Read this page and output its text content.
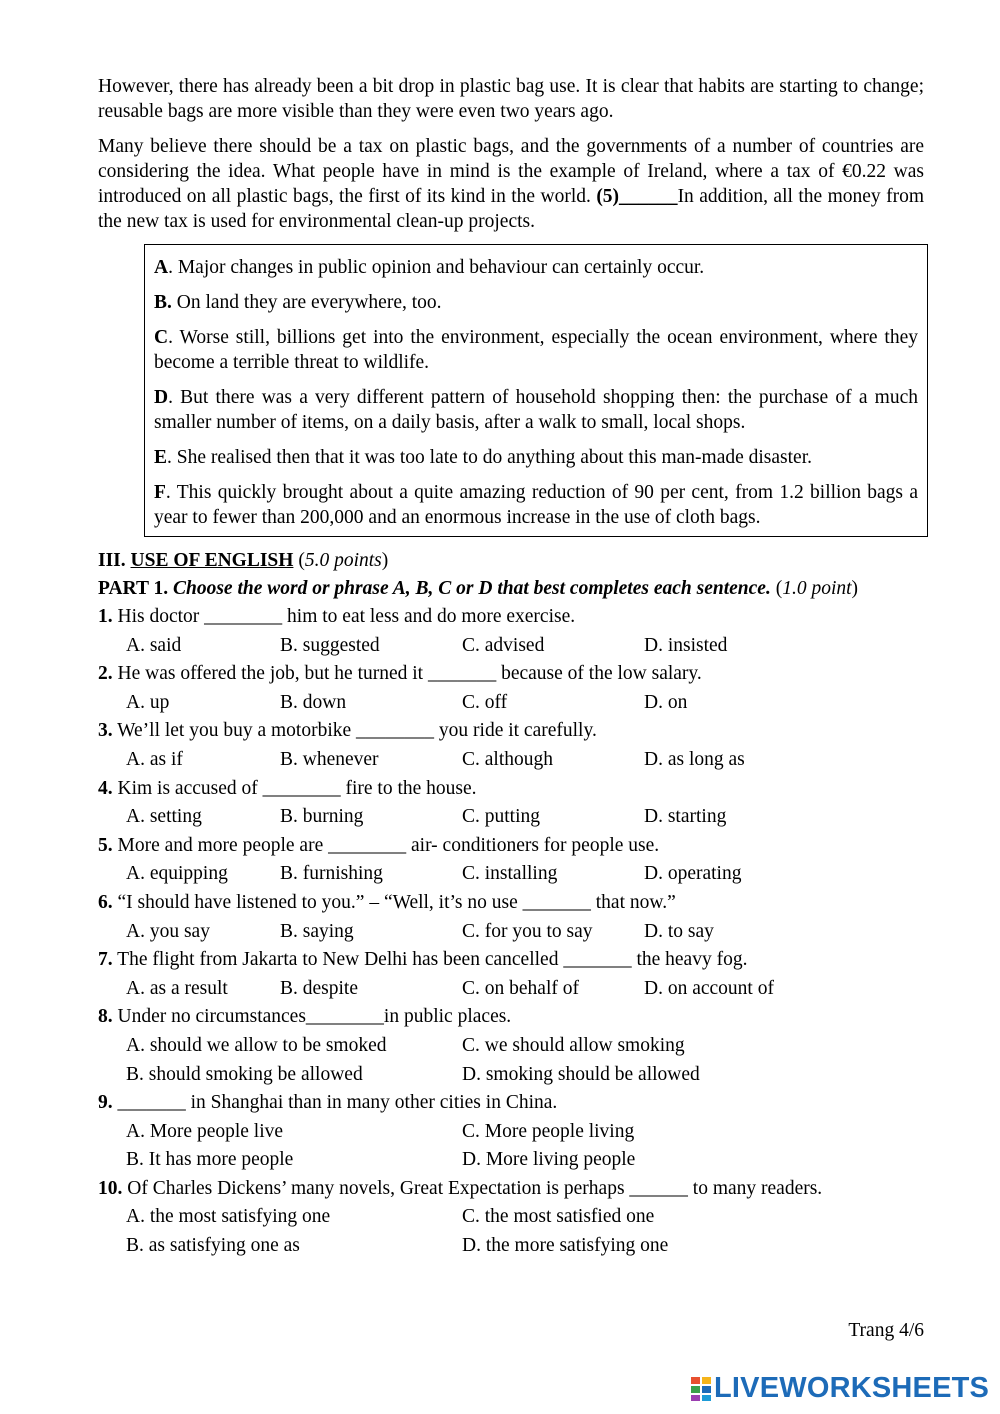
However, there has already been a bit drop in plastic bag use. It is clear that habits are starting to change; reusable bags are more visible than they were even two years ago.

Many believe there should be a tax on plastic bags, and the governments of a number of countries are considering the idea. What people have in mind is the example of Ireland, where a tax of €0.22 was introduced on all plastic bags, the first of its kind in the world. (5)______In addition, all the money from the new tax is used for environmental clean-up projects.

A. Major changes in public opinion and behaviour can certainly occur.

B. On land they are everywhere, too.

C. Worse still, billions get into the environment, especially the ocean environment, where they become a terrible threat to wildlife.

D. But there was a very different pattern of household shopping then: the purchase of a much smaller number of items, on a daily basis, after a walk to small, local shops.

E. She realised then that it was too late to do anything about this man-made disaster.

F. This quickly brought about a quite amazing reduction of 90 per cent, from 1.2 billion bags a year to fewer than 200,000 and an enormous increase in the use of cloth bags.

III. USE OF ENGLISH (5.0 points)
PART 1. Choose the word or phrase A, B, C or D that best completes each sentence. (1.0 point)
1. His doctor ________ him to eat less and do more exercise.
A. said	B. suggested	C. advised	D. insisted
2. He was offered the job, but he turned it _______ because of the low salary.
A. up	B. down	C. off	D. on
3. We’ll let you buy a motorbike ________ you ride it carefully.
A. as if	B. whenever	C. although	D. as long as
4. Kim is accused of ________ fire to the house.
A. setting	B. burning	C. putting	D. starting
5. More and more people are ________ air- conditioners for people use.
A. equipping	B. furnishing	C. installing	D. operating
6. “I should have listened to you.” – “Well, it’s no use _______ that now.”
A. you say	B. saying	C. for you to say	D. to say
7. The flight from Jakarta to New Delhi has been cancelled _______ the heavy fog.
A. as a result	B. despite	C. on behalf of	D. on account of
8. Under no circumstances________in public places.
A. should we allow to be smoked	C. we should allow smoking
B. should smoking be allowed	D. smoking should be allowed
9. _______ in Shanghai than in many other cities in China.
A. More people live	C. More people living
B. It has more people	D. More living people
10. Of Charles Dickens’ many novels, Great Expectation is perhaps ______ to many readers.
A. the most satisfying one	C. the most satisfied one
B. as satisfying one as	D. the more satisfying one
Trang 4/6
LIVEWORKSHEETS
